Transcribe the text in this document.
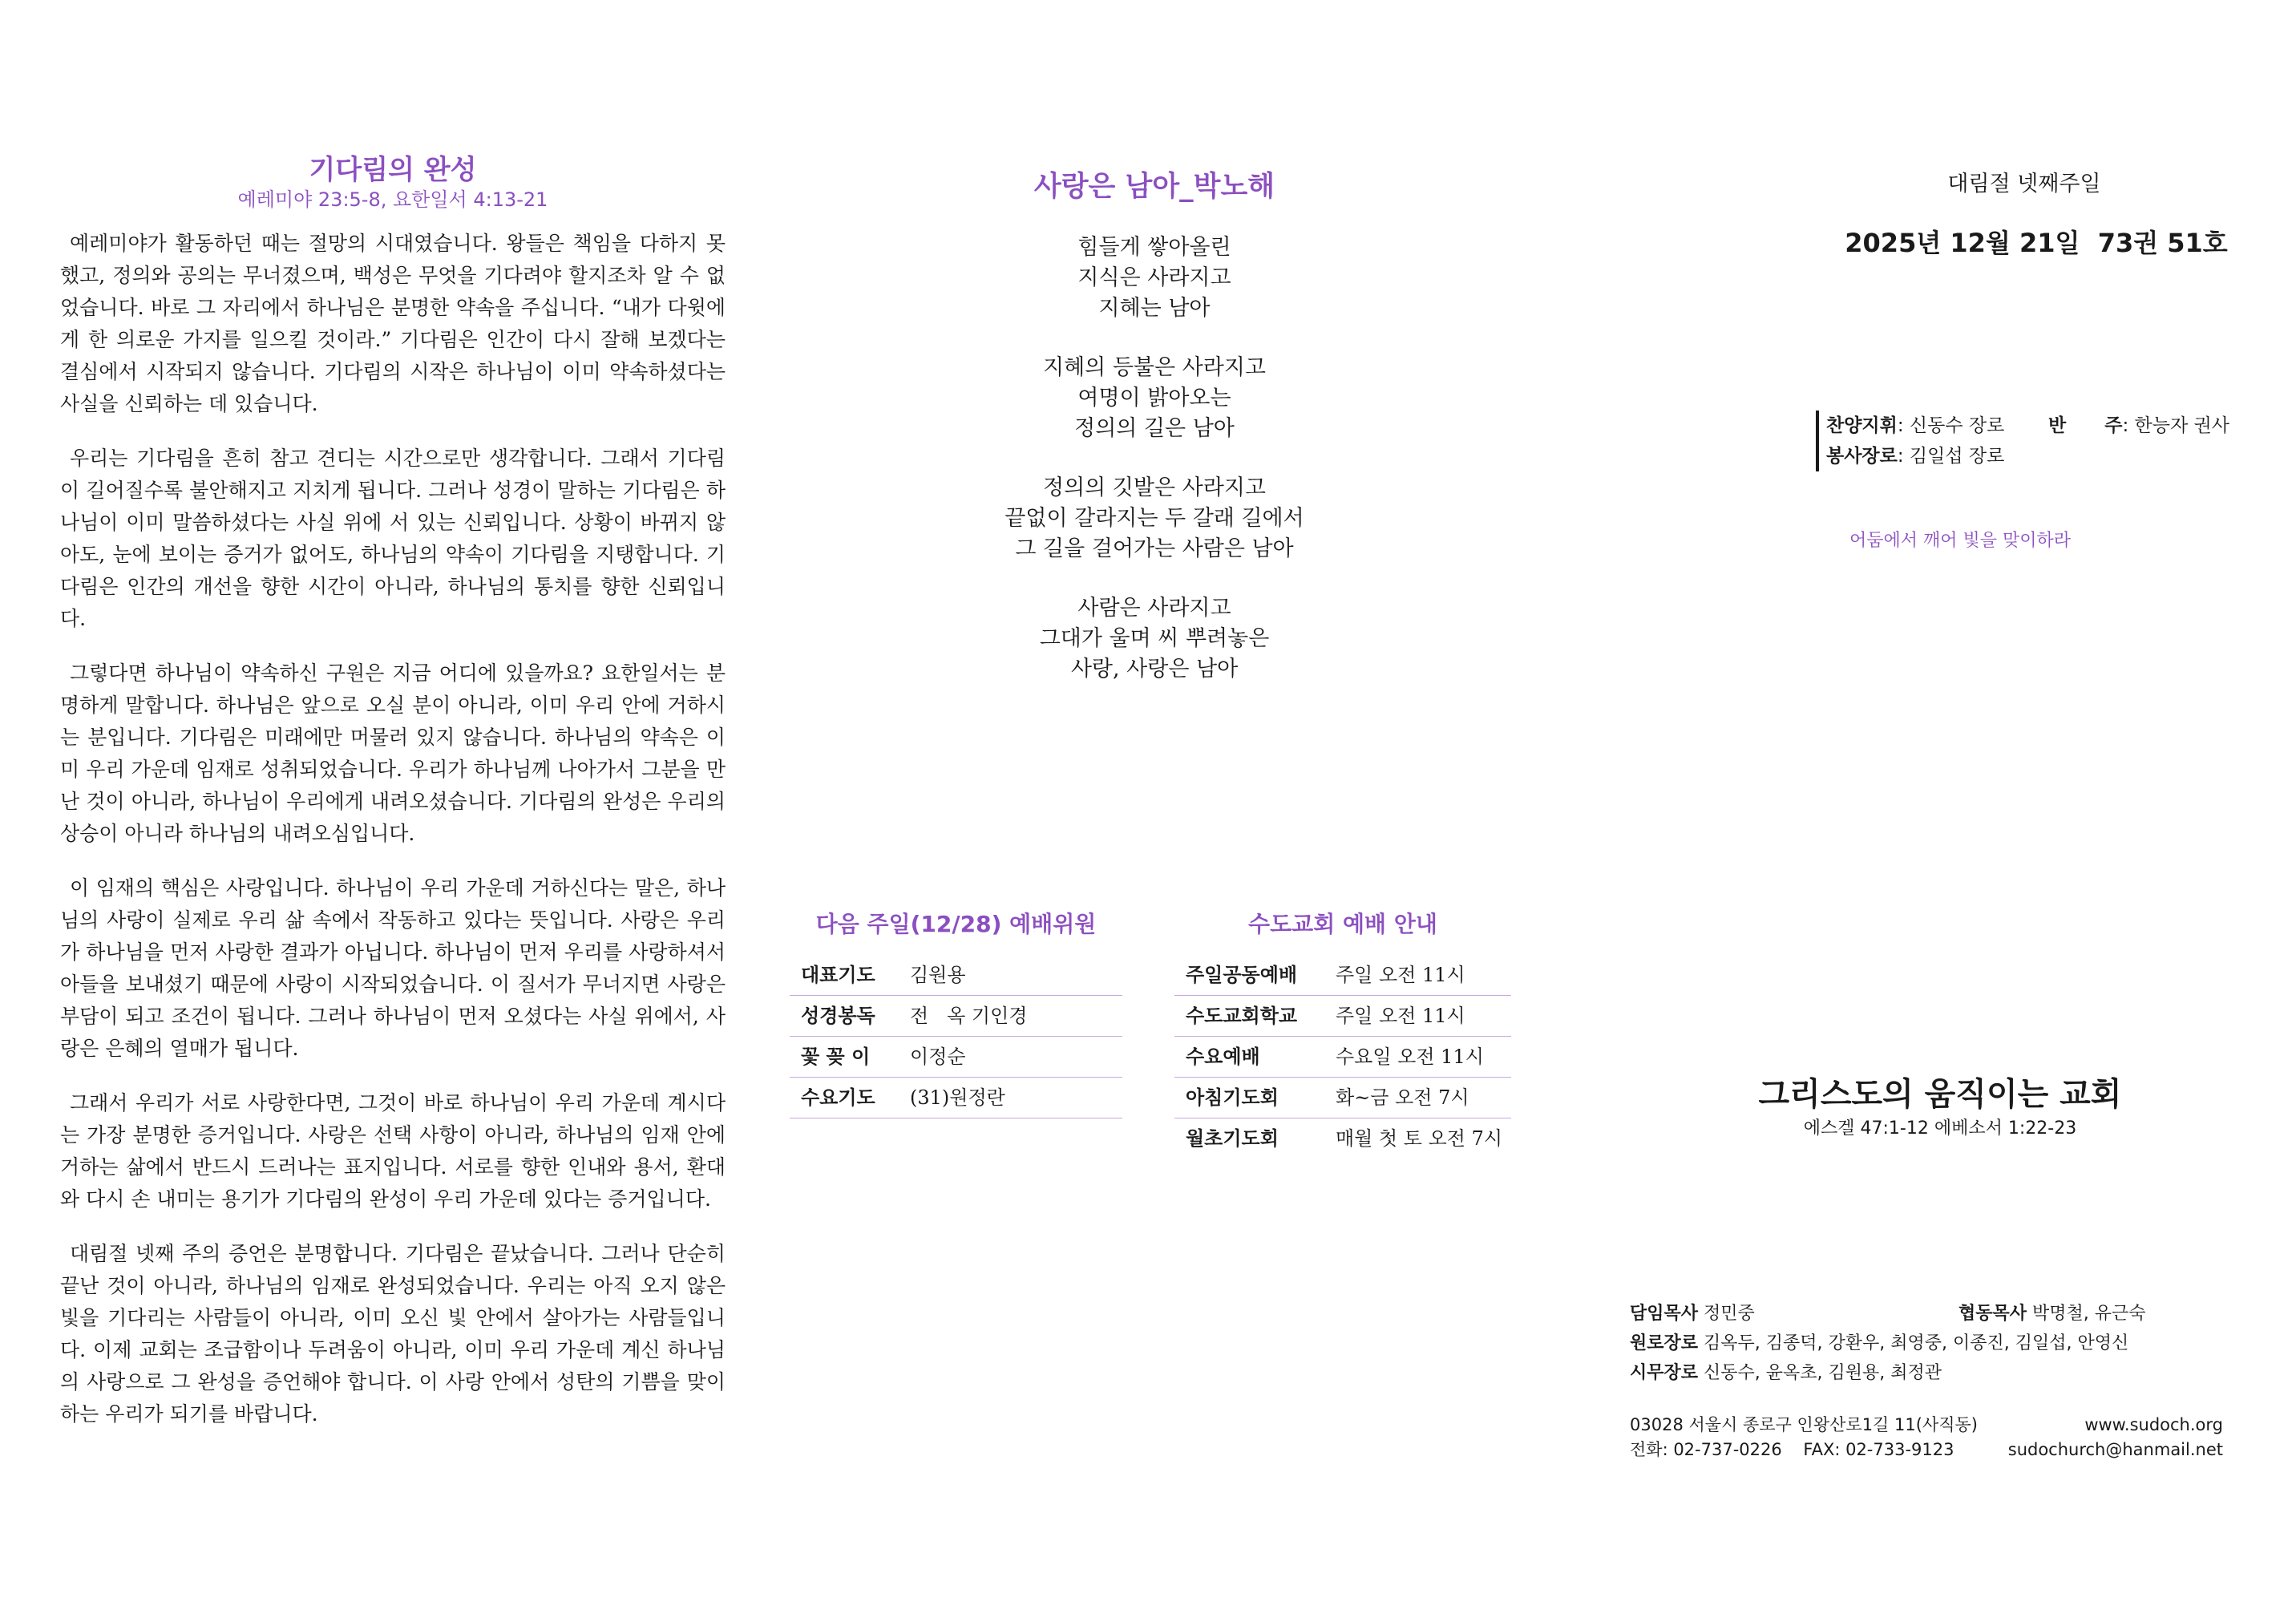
기다림의 완성
예레미야 23:5-8, 요한일서 4:13-21

예레미야가 활동하던 때는 절망의 시대였습니다. 왕들은 책임을 다하지 못했고, 정의와 공의는 무너졌으며, 백성은 무엇을 기다려야 할지조차 알 수 없었습니다. 바로 그 자리에서 하나님은 분명한 약속을 주십니다. “내가 다윗에게 한 의로운 가지를 일으킬 것이라.” 기다림은 인간이 다시 잘해 보겠다는 결심에서 시작되지 않습니다. 기다림의 시작은 하나님이 이미 약속하셨다는 사실을 신뢰하는 데 있습니다.

우리는 기다림을 흔히 참고 견디는 시간으로만 생각합니다. 그래서 기다림이 길어질수록 불안해지고 지치게 됩니다. 그러나 성경이 말하는 기다림은 하나님이 이미 말씀하셨다는 사실 위에 서 있는 신뢰입니다. 상황이 바뀌지 않아도, 눈에 보이는 증거가 없어도, 하나님의 약속이 기다림을 지탱합니다. 기다림은 인간의 개선을 향한 시간이 아니라, 하나님의 통치를 향한 신뢰입니다.

그렇다면 하나님이 약속하신 구원은 지금 어디에 있을까요? 요한일서는 분명하게 말합니다. 하나님은 앞으로 오실 분이 아니라, 이미 우리 안에 거하시는 분입니다. 기다림은 미래에만 머물러 있지 않습니다. 하나님의 약속은 이미 우리 가운데 임재로 성취되었습니다. 우리가 하나님께 나아가서 그분을 만난 것이 아니라, 하나님이 우리에게 내려오셨습니다. 기다림의 완성은 우리의 상승이 아니라 하나님의 내려오심입니다.

이 임재의 핵심은 사랑입니다. 하나님이 우리 가운데 거하신다는 말은, 하나님의 사랑이 실제로 우리 삶 속에서 작동하고 있다는 뜻입니다. 사랑은 우리가 하나님을 먼저 사랑한 결과가 아닙니다. 하나님이 먼저 우리를 사랑하셔서 아들을 보내셨기 때문에 사랑이 시작되었습니다. 이 질서가 무너지면 사랑은 부담이 되고 조건이 됩니다. 그러나 하나님이 먼저 오셨다는 사실 위에서, 사랑은 은혜의 열매가 됩니다.

그래서 우리가 서로 사랑한다면, 그것이 바로 하나님이 우리 가운데 계시다는 가장 분명한 증거입니다. 사랑은 선택 사항이 아니라, 하나님의 임재 안에 거하는 삶에서 반드시 드러나는 표지입니다. 서로를 향한 인내와 용서, 환대와 다시 손 내미는 용기가 기다림의 완성이 우리 가운데 있다는 증거입니다.

대림절 넷째 주의 증언은 분명합니다. 기다림은 끝났습니다. 그러나 단순히 끝난 것이 아니라, 하나님의 임재로 완성되었습니다. 우리는 아직 오지 않은 빛을 기다리는 사람들이 아니라, 이미 오신 빛 안에서 살아가는 사람들입니다. 이제 교회는 조급함이나 두려움이 아니라, 이미 우리 가운데 계신 하나님의 사랑으로 그 완성을 증언해야 합니다. 이 사랑 안에서 성탄의 기쁨을 맞이하는 우리가 되기를 바랍니다.

사랑은 남아_박노해
힘들게 쌓아올린
지식은 사라지고
지혜는 남아
지혜의 등불은 사라지고
여명이 밝아오는
정의의 길은 남아
정의의 깃발은 사라지고
끝없이 갈라지는 두 갈래 길에서
그 길을 걸어가는 사람은 남아
사람은 사라지고
그대가 울며 씨 뿌려놓은
사랑, 사랑은 남아
다음 주일(12/28) 예배위원
대표기도	김원용
성경봉독	전   옥 기인경
꽃 꽂 이	이정순
수요기도	(31)원정란
수도교회 예배 안내
주일공동예배	주일 오전 11시
수도교회학교	주일 오전 11시
수요예배	수요일 오전 11시
아침기도회	화~금 오전 7시
월초기도회	매월 첫 토 오전 7시
대림절 넷째주일
2025년 12월 21일  73권 51호
찬양지휘: 신동수 장로 반      주: 한능자 권사
봉사장로: 김일섭 장로
어둠에서 깨어 빛을 맞이하라
그리스도의 움직이는 교회
에스겔 47:1-12 에베소서 1:22-23
담임목사 정민중	협동목사 박명철, 유근숙
원로장로 김옥두, 김종덕, 강환우, 최영중, 이종진, 김일섭, 안영신
시무장로 신동수, 윤옥초, 김원용, 최정관
03028 서울시 종로구 인왕산로1길 11(사직동)	www.sudoch.org
전화: 02-737-0226    FAX: 02-733-9123	sudochurch@hanmail.net
